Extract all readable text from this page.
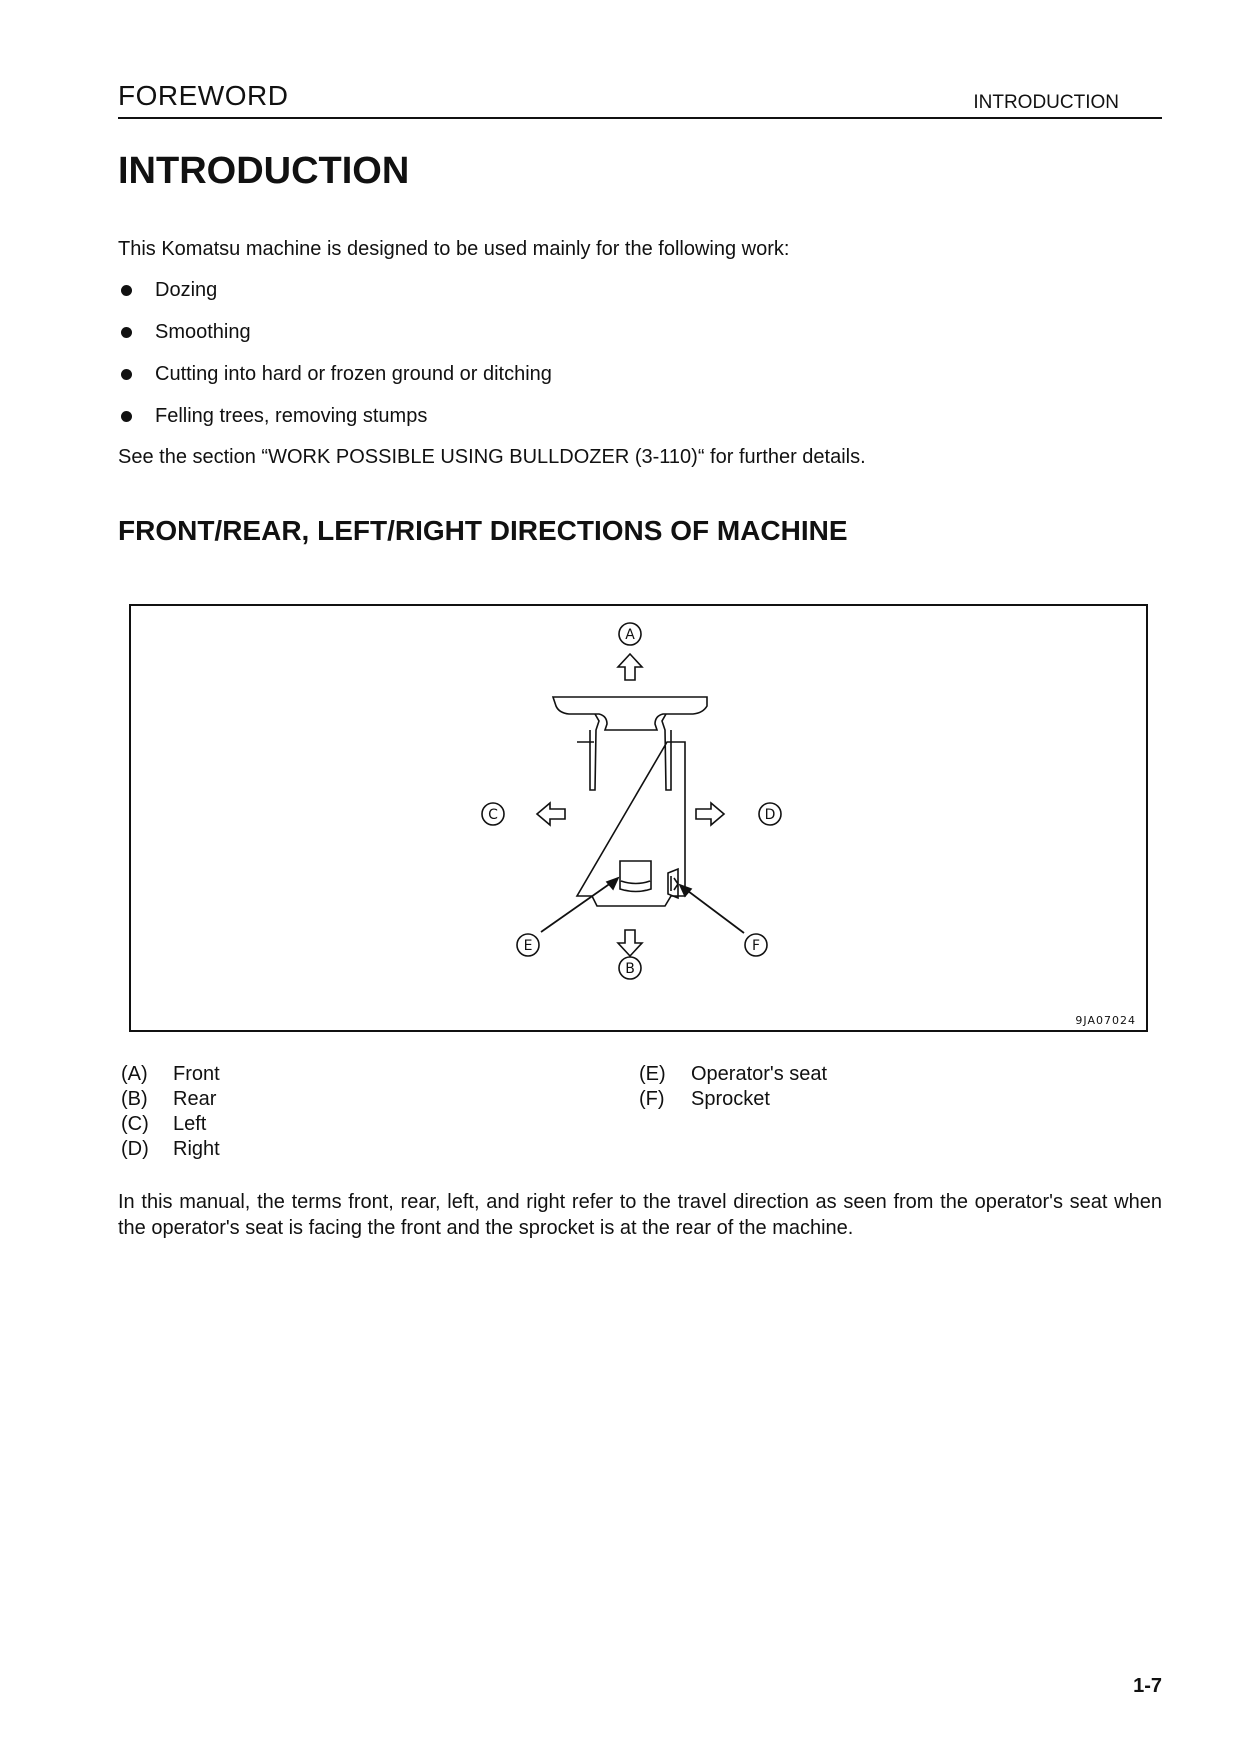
FOREWORD	INTRODUCTION
INTRODUCTION
This Komatsu machine is designed to be used mainly for the following work:
Dozing
Smoothing
Cutting into hard or frozen ground or ditching
Felling trees, removing stumps
See the section “WORK POSSIBLE USING BULLDOZER (3-110)“ for further details.
FRONT/REAR, LEFT/RIGHT DIRECTIONS OF MACHINE
A
C	D
E	F
B
9JA07024
(A) Front
(B) Rear
(C) Left
(D) Right
(E) Operator's seat
(F) Sprocket
In this manual, the terms front, rear, left, and right refer to the travel direction as seen from the operator's seat when the operator's seat is facing the front and the sprocket is at the rear of the machine.
1-7
